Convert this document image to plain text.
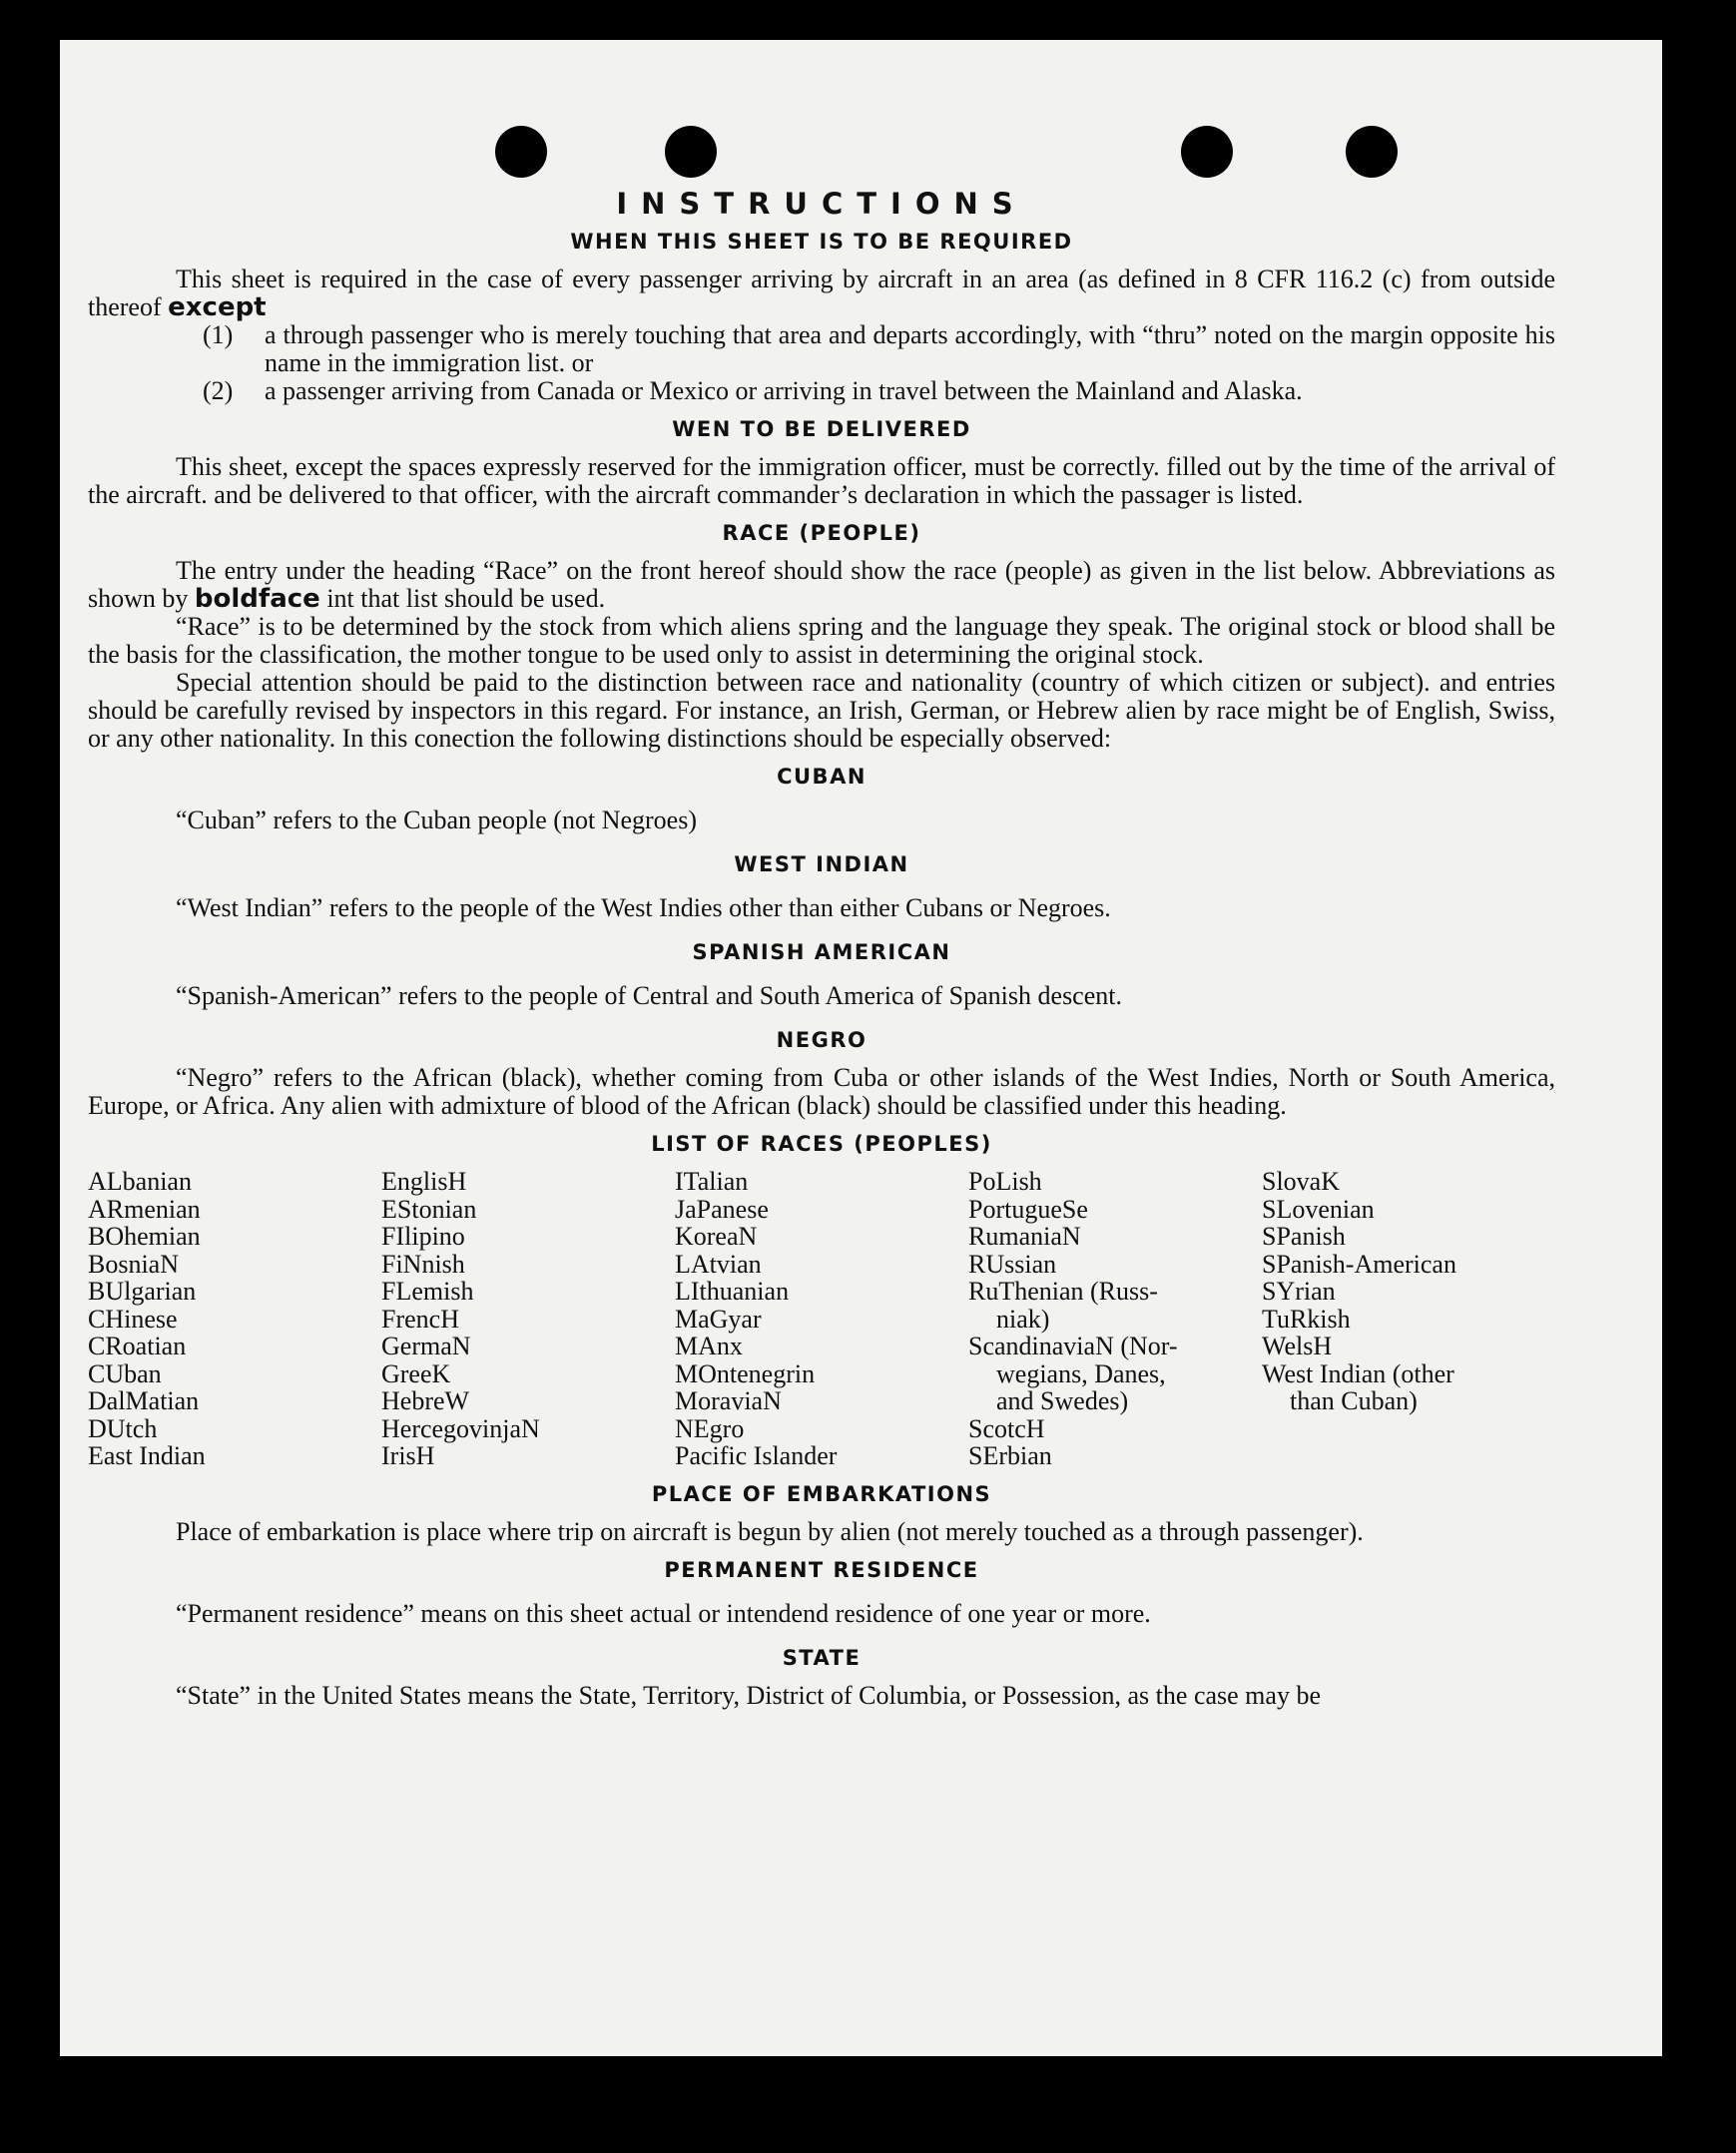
INSTRUCTIONS
WHEN THIS SHEET IS TO BE REQUIRED

This sheet is required in the case of every passenger arriving by aircraft in an area (as defined in 8 CFR 116.2 (c) from outside thereof except

(1)	a through passenger who is merely touching that area and departs accordingly, with “thru” noted on the margin opposite his name in the immigration list. or
(2)	a passenger arriving from Canada or Mexico or arriving in travel between the Mainland and Alaska.
WEN TO BE DELIVERED

This sheet, except the spaces expressly reserved for the immigration officer, must be correctly. filled out by the time of the arrival of the aircraft. and be delivered to that officer, with the aircraft commander’s declaration in which the passager is listed.

RACE (PEOPLE)

The entry under the heading “Race” on the front hereof should show the race (people) as given in the list below. Abbreviations as shown by boldface int that list should be used.

“Race” is to be determined by the stock from which aliens spring and the language they speak. The original stock or blood shall be the basis for the classification, the mother tongue to be used only to assist in determining the original stock.

Special attention should be paid to the distinction between race and nationality (country of which citizen or subject). and entries should be carefully revised by inspectors in this regard. For instance, an Irish, German, or Hebrew alien by race might be of English, Swiss, or any other nationality. In this conection the following distinctions should be especially observed:

CUBAN

“Cuban” refers to the Cuban people (not Negroes)

WEST INDIAN

“West Indian” refers to the people of the West Indies other than either Cubans or Negroes.

SPANISH AMERICAN

“Spanish-American” refers to the people of Central and South America of Spanish descent.

NEGRO

“Negro” refers to the African (black), whether coming from Cuba or other islands of the West Indies, North or South America, Europe, or Africa. Any alien with admixture of blood of the African (black) should be classified under this heading.

LIST OF RACES (PEOPLES)
ALbanian
ARmenian
BOhemian
BosniaN
BUlgarian
CHinese
CRoatian
CUban
DalMatian
DUtch
East Indian
EnglisH
EStonian
FIlipino
FiNnish
FLemish
FrencH
GermaN
GreeK
HebreW
HercegovinjaN
IrisH
ITalian
JaPanese
KoreaN
LAtvian
LIthuanian
MaGyar
MAnx
MOntenegrin
MoraviaN
NEgro
Pacific Islander
PoLish
PortugueSe
RumaniaN
RUssian
RuThenian (Russ-
niak)
ScandinaviaN (Nor-
wegians, Danes,
and Swedes)
ScotcH
SErbian
SlovaK
SLovenian
SPanish
SPanish-American
SYrian
TuRkish
WelsH
West Indian (other
than Cuban)
PLACE OF EMBARKATIONS

Place of embarkation is place where trip on aircraft is begun by alien (not merely touched as a through passenger).

PERMANENT RESIDENCE

“Permanent residence” means on this sheet actual or intendend residence of one year or more.

STATE

“State” in the United States means the State, Territory, District of Columbia, or Possession, as the case may be
